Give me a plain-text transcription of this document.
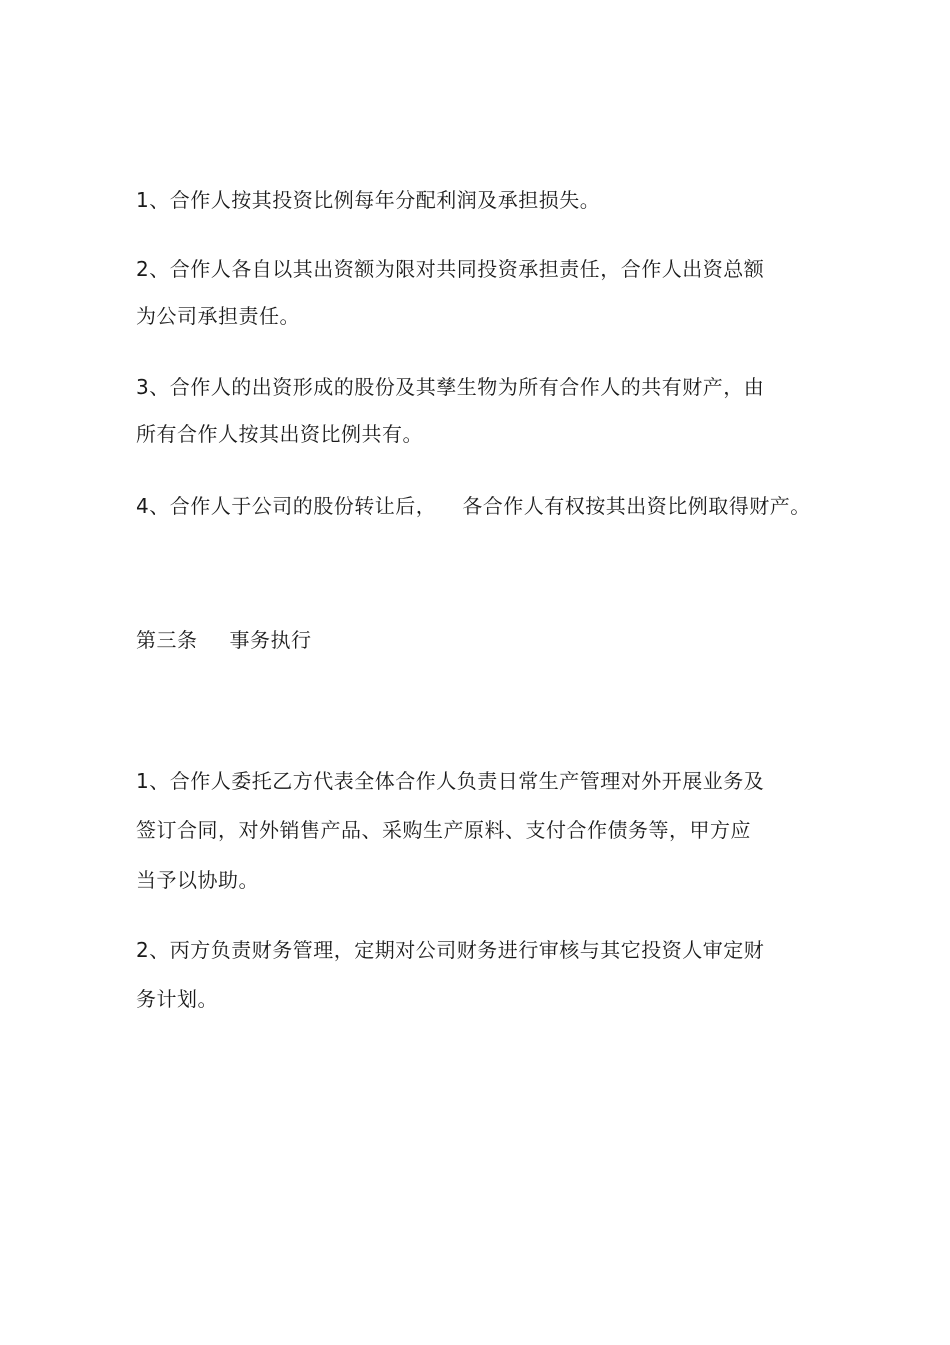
1、合作人按其投资比例每年分配利润及承担损失。
2、合作人各自以其出资额为限对共同投资承担责任，合作人出资总额
为公司承担责任。
3、合作人的出资形成的股份及其孳生物为所有合作人的共有财产，由
所有合作人按其出资比例共有。
4、合作人于公司的股份转让后， 各合作人有权按其出资比例取得财产。
第三条 事务执行
1、合作人委托乙方代表全体合作人负责日常生产管理对外开展业务及
签订合同，对外销售产品、采购生产原料、支付合作债务等，甲方应
当予以协助。
2、丙方负责财务管理，定期对公司财务进行审核与其它投资人审定财
务计划。
